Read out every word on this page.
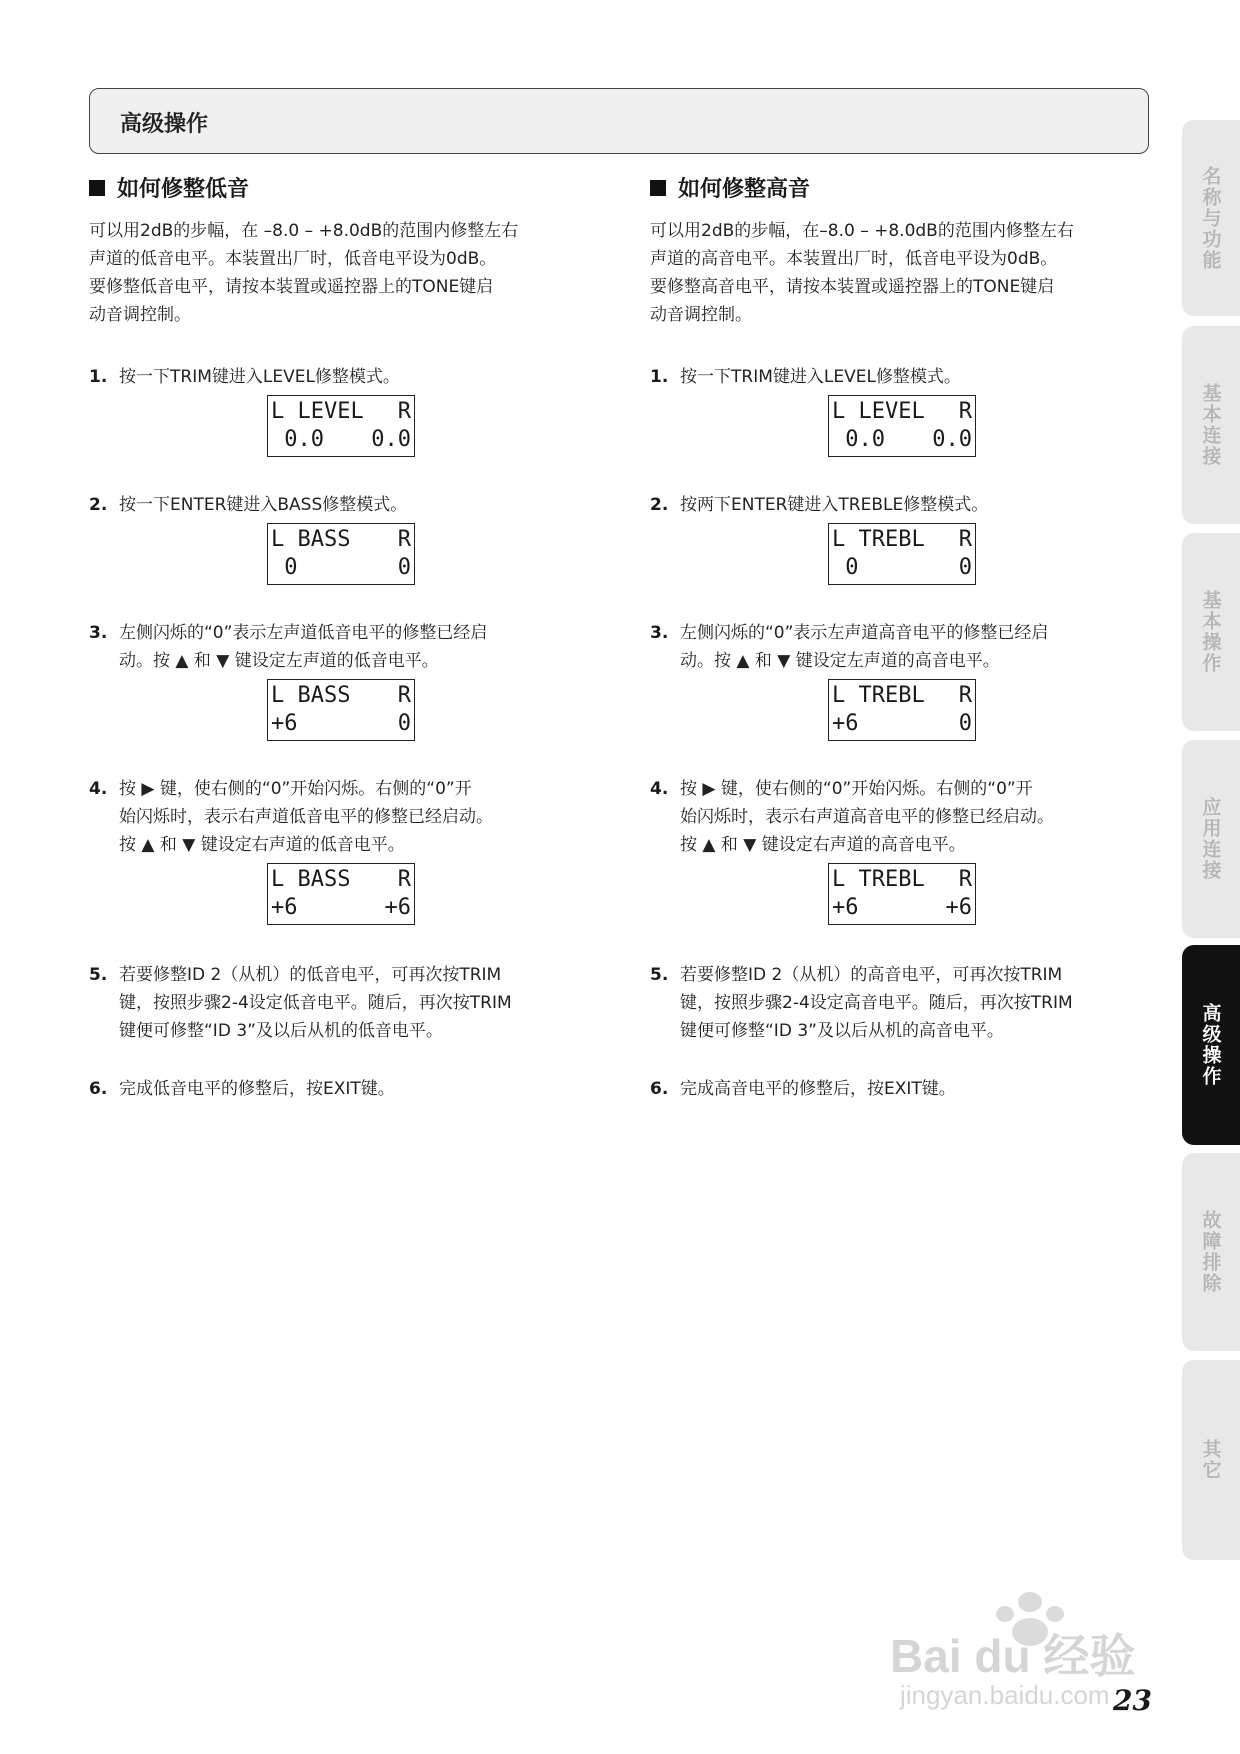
高级操作
如何修整低音

可以用2dB的步幅，在 –8.0 – +8.0dB的范围内修整左右
声道的低音电平。本装置出厂时，低音电平设为0dB。
要修整低音电平，请按本装置或遥控器上的TONE键启
动音调控制。

1. 按一下TRIM键进入LEVEL修整模式。
L LEVEL R
0.0 0.0
2. 按一下ENTER键进入BASS修整模式。
L BASS R
0	0
3. 左侧闪烁的“0”表示左声道低音电平的修整已经启
动。按 ▲ 和 ▼ 键设定左声道的低音电平。
L BASS R
+6	0
4. 按 ▶ 键，使右侧的“0”开始闪烁。右侧的“0”开
始闪烁时，表示右声道低音电平的修整已经启动。
按 ▲ 和 ▼ 键设定右声道的低音电平。
L BASS R
+6	+6
5. 若要修整ID 2（从机）的低音电平，可再次按TRIM
键，按照步骤2-4设定低音电平。随后，再次按TRIM
键便可修整“ID 3”及以后从机的低音电平。
6. 完成低音电平的修整后，按EXIT键。
如何修整高音

可以用2dB的步幅，在–8.0 – +8.0dB的范围内修整左右
声道的高音电平。本装置出厂时，低音电平设为0dB。
要修整高音电平，请按本装置或遥控器上的TONE键启
动音调控制。

1. 按一下TRIM键进入LEVEL修整模式。
L LEVEL R
0.0 0.0
2. 按两下ENTER键进入TREBLE修整模式。
L TREBL R
0	0
3. 左侧闪烁的“0”表示左声道高音电平的修整已经启
动。按 ▲ 和 ▼ 键设定左声道的高音电平。
L TREBL R
+6	0
4. 按 ▶ 键，使右侧的“0”开始闪烁。右侧的“0”开
始闪烁时，表示右声道高音电平的修整已经启动。
按 ▲ 和 ▼ 键设定右声道的高音电平。
L TREBL R
+6	+6
5. 若要修整ID 2（从机）的高音电平，可再次按TRIM
键，按照步骤2-4设定高音电平。随后，再次按TRIM
键便可修整“ID 3”及以后从机的高音电平。
6. 完成高音电平的修整后，按EXIT键。
名称与功能
基本连接
基本操作
应用连接
高级操作
故障排除
其它
Bai du 经验
jingyan.baidu.com 23
